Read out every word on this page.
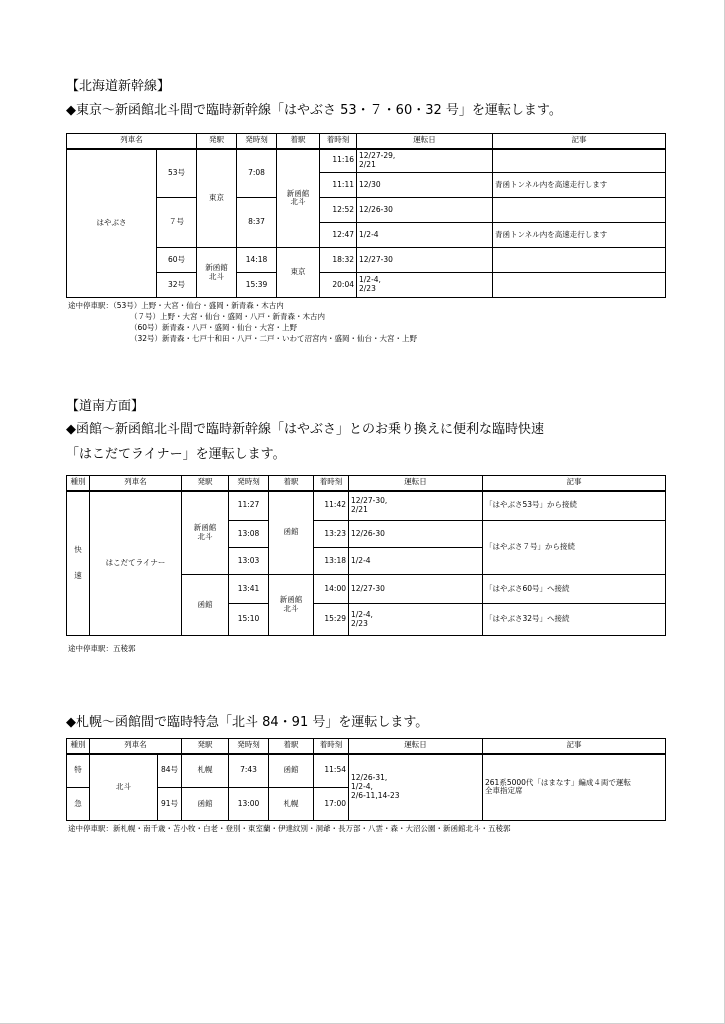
【北海道新幹線】
◆東京～新函館北斗間で臨時新幹線「はやぶさ 53・７・60・32 号」を運転します。
列車名		発駅	発時刻	着駅	着時刻	運転日	記事
はやぶさ	53号	東京	7:08	新函館
北斗	11:16	12/27-29,
2/21	
					11:11	12/30	青函トンネル内を高速走行します
	７号		8:37		12:52	12/26-30	
					12:47	1/2-4	青函トンネル内を高速走行します
	60号	新函館
北斗	14:18	東京	18:32	12/27-30	
	32号		15:39		20:04	1/2-4,
2/23	
途中停車駅：（53号）上野・大宮・仙台・盛岡・新青森・木古内
（７号）上野・大宮・仙台・盛岡・八戸・新青森・木古内
（60号）新青森・八戸・盛岡・仙台・大宮・上野
（32号）新青森・七戸十和田・八戸・二戸・いわて沼宮内・盛岡・仙台・大宮・上野
【道南方面】
◆函館～新函館北斗間で臨時新幹線「はやぶさ」とのお乗り換えに便利な臨時快速
「はこだてライナー」を運転します。
種別	列車名	発駅	発時刻	着駅	着時刻	運転日	記事
快

速	はこだてライナー	新函館
北斗	11:27	函館	11:42	12/27-30,
2/21	「はやぶさ53号」から接続
			13:08		13:23	12/26-30	「はやぶさ７号」から接続
			13:03		13:18	1/2-4	
		函館	13:41	新函館
北斗	14:00	12/27-30	「はやぶさ60号」へ接続
			15:10		15:29	1/2-4,
2/23	「はやぶさ32号」へ接続
途中停車駅：五稜郭
◆札幌～函館間で臨時特急「北斗 84・91 号」を運転します。
種別	列車名		発駅	発時刻	着駅	着時刻	運転日	記事
特	北斗	84号	札幌	7:43	函館	11:54	12/26-31,
1/2-4,
2/6-11,14-23	261系5000代「はまなす」編成４両で運転
全車指定席
急		91号	函館	13:00	札幌	17:00		
途中停車駅：新札幌・南千歳・苫小牧・白老・登別・東室蘭・伊達紋別・洞爺・長万部・八雲・森・大沼公園・新函館北斗・五稜郭
